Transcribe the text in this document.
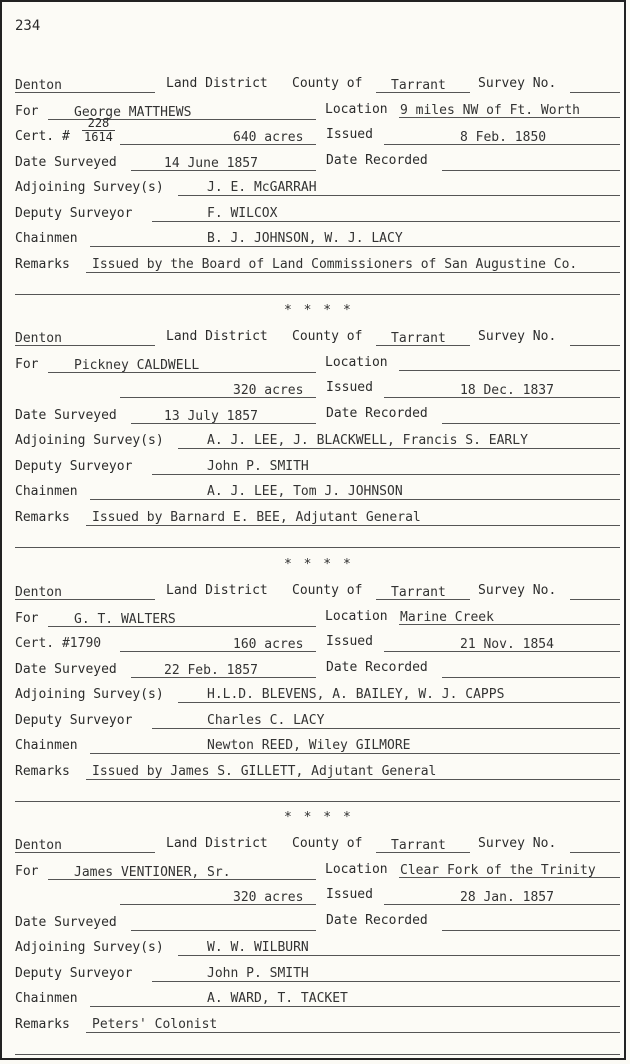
234
Denton	Land District County of Tarrant Survey No.
For	George MATTHEWS	Location 9 miles NW of Ft. Worth
Cert. # $\frac{228}{1614}$	640 acres Issued	8 Feb. 1850
Date Surveyed	14 June 1857	Date Recorded
Adjoining Survey(s)	J. E. McGARRAH
Deputy Surveyor	F. WILCOX
Chainmen	B. J. JOHNSON, W. J. LACY
Remarks Issued by the Board of Land Commissioners of San Augustine Co.
* * * *
Denton	Land District County of Tarrant Survey No.
For	Pickney CALDWELL	Location
320 acres Issued	18 Dec. 1837
Date Surveyed	13 July 1857	Date Recorded
Adjoining Survey(s)	A. J. LEE, J. BLACKWELL, Francis S. EARLY
Deputy Surveyor	John P. SMITH
Chainmen	A. J. LEE, Tom J. JOHNSON
Remarks Issued by Barnard E. BEE, Adjutant General
* * * *
Denton	Land District County of Tarrant Survey No.
For	G. T. WALTERS	Location Marine Creek
Cert. #1790	160 acres Issued	21 Nov. 1854
Date Surveyed	22 Feb. 1857	Date Recorded
Adjoining Survey(s)	H.L.D. BLEVENS, A. BAILEY, W. J. CAPPS
Deputy Surveyor	Charles C. LACY
Chainmen	Newton REED, Wiley GILMORE
Remarks Issued by James S. GILLETT, Adjutant General
* * * *
Denton	Land District County of Tarrant Survey No.
For	James VENTIONER, Sr.	Location Clear Fork of the Trinity
320 acres Issued	28 Jan. 1857
Date Surveyed	Date Recorded
Adjoining Survey(s)	W. W. WILBURN
Deputy Surveyor	John P. SMITH
Chainmen	A. WARD, T. TACKET
Remarks Peters' Colonist
